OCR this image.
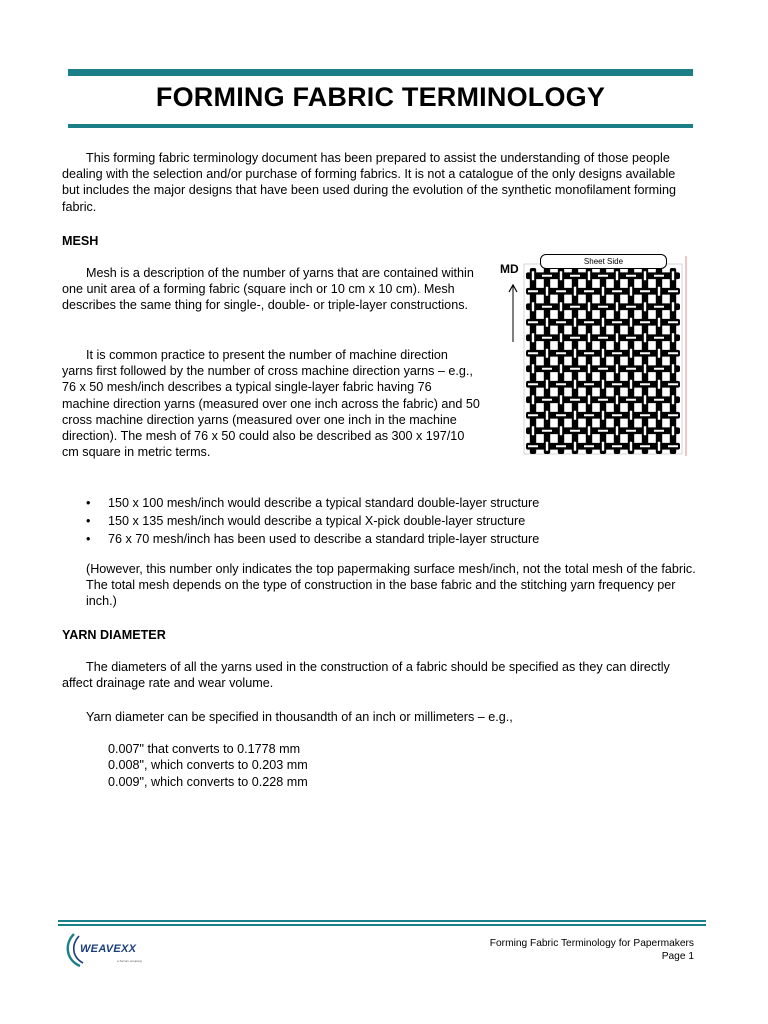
FORMING FABRIC TERMINOLOGY

This forming fabric terminology document has been prepared to assist the understanding of those people dealing with the selection and/or purchase of forming fabrics. It is not a catalogue of the only designs available but includes the major designs that have been used during the evolution of the synthetic monofilament forming fabric.

MESH

Mesh is a description of the number of yarns that are contained within one unit area of a forming fabric (square inch or 10 cm x 10 cm). Mesh describes the same thing for single-, double- or triple-layer constructions.

It is common practice to present the number of machine direction yarns first followed by the number of cross machine direction yarns – e.g., 76 x 50 mesh/inch describes a typical single-layer fabric having 76 machine direction yarns (measured over one inch across the fabric) and 50 cross machine direction yarns (measured over one inch in the machine direction). The mesh of 76 x 50 could also be described as 300 x 197/10 cm square in metric terms.

MD
Sheet Side
• 150 x 100 mesh/inch would describe a typical standard double-layer structure
• 150 x 135 mesh/inch would describe a typical X-pick double-layer structure
• 76 x 70 mesh/inch has been used to describe a standard triple-layer structure

(However, this number only indicates the top papermaking surface mesh/inch, not the total mesh of the fabric. The total mesh depends on the type of construction in the base fabric and the stitching yarn frequency per inch.)

YARN DIAMETER

The diameters of all the yarns used in the construction of a fabric should be specified as they can directly affect drainage rate and wear volume.

Yarn diameter can be specified in thousandth of an inch or millimeters – e.g.,

0.007" that converts to 0.1778 mm
0.008", which converts to 0.203 mm
0.009", which converts to 0.228 mm
WEAVEXX
a Xerium company
Forming Fabric Terminology for Papermakers
Page 1
